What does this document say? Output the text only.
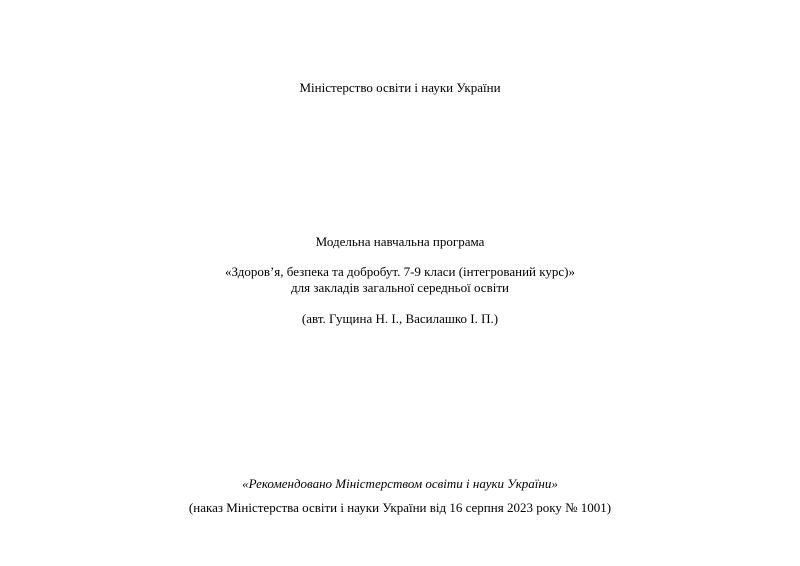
Міністерство освіти і науки України
Модельна навчальна програма
«Здоров’я, безпека та добробут. 7-9 класи (інтегрований курс)»
для закладів загальної середньої освіти
(авт. Гущина Н. І., Василашко І. П.)
«Рекомендовано Міністерством освіти і науки України»
(наказ Міністерства освіти і науки України від 16 серпня 2023 року № 1001)
